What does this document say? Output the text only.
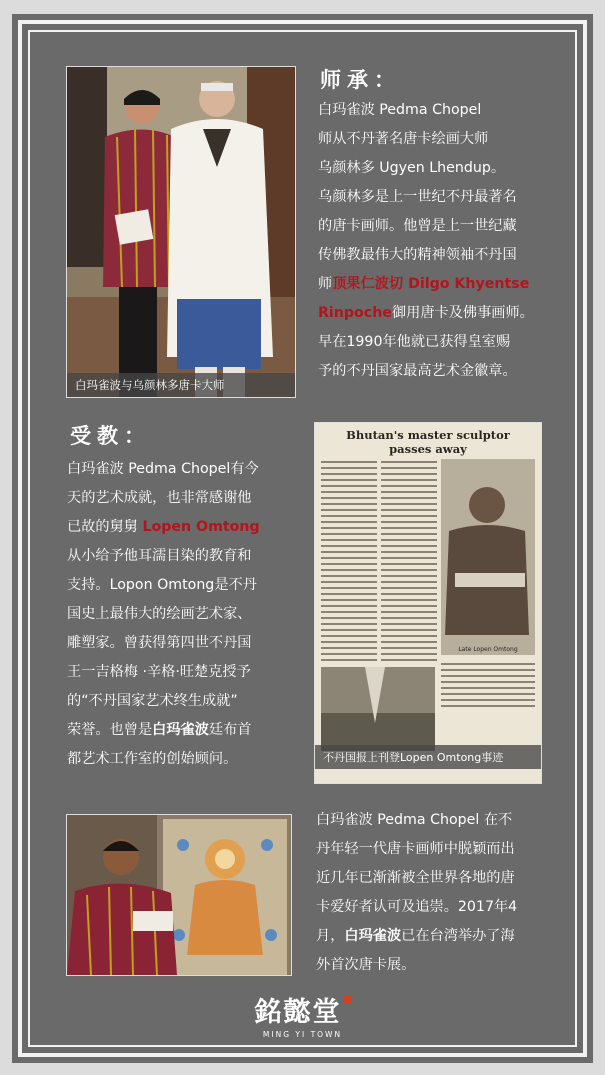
白玛雀波与乌颜林多唐卡大师
师承：
白玛雀波 Pedma Chopel
师从不丹著名唐卡绘画大师
乌颜林多 Ugyen Lhendup。
乌颜林多是上一世纪不丹最著名
的唐卡画师。他曾是上一世纪藏
传佛教最伟大的精神领袖不丹国
师顶果仁波切 Dilgo Khyentse
Rinpoche御用唐卡及佛事画师。
早在1990年他就已获得皇室赐
予的不丹国家最高艺术金徽章。
受教：
白玛雀波 Pedma Chopel有今
天的艺术成就，也非常感谢他
已故的舅舅 Lopen Omtong
从小给予他耳濡目染的教育和
支持。Lopon Omtong是不丹
国史上最伟大的绘画艺术家、
雕塑家。曾获得第四世不丹国
王一吉格梅 ·辛格·旺楚克授予
的“不丹国家艺术终生成就”
荣誉。也曾是白玛雀波廷布首
都艺术工作室的创始顾问。
Bhutan's master sculptor
passes away
Late Lopen Omtong
不丹国报上刊登Lopen Omtong事迹
白玛雀波 Pedma Chopel 在不
丹年轻一代唐卡画师中脱颖而出
近几年已渐渐被全世界各地的唐
卡爱好者认可及追崇。2017年4
月，白玛雀波已在台湾举办了海
外首次唐卡展。
銘懿堂
MING YI TOWN
